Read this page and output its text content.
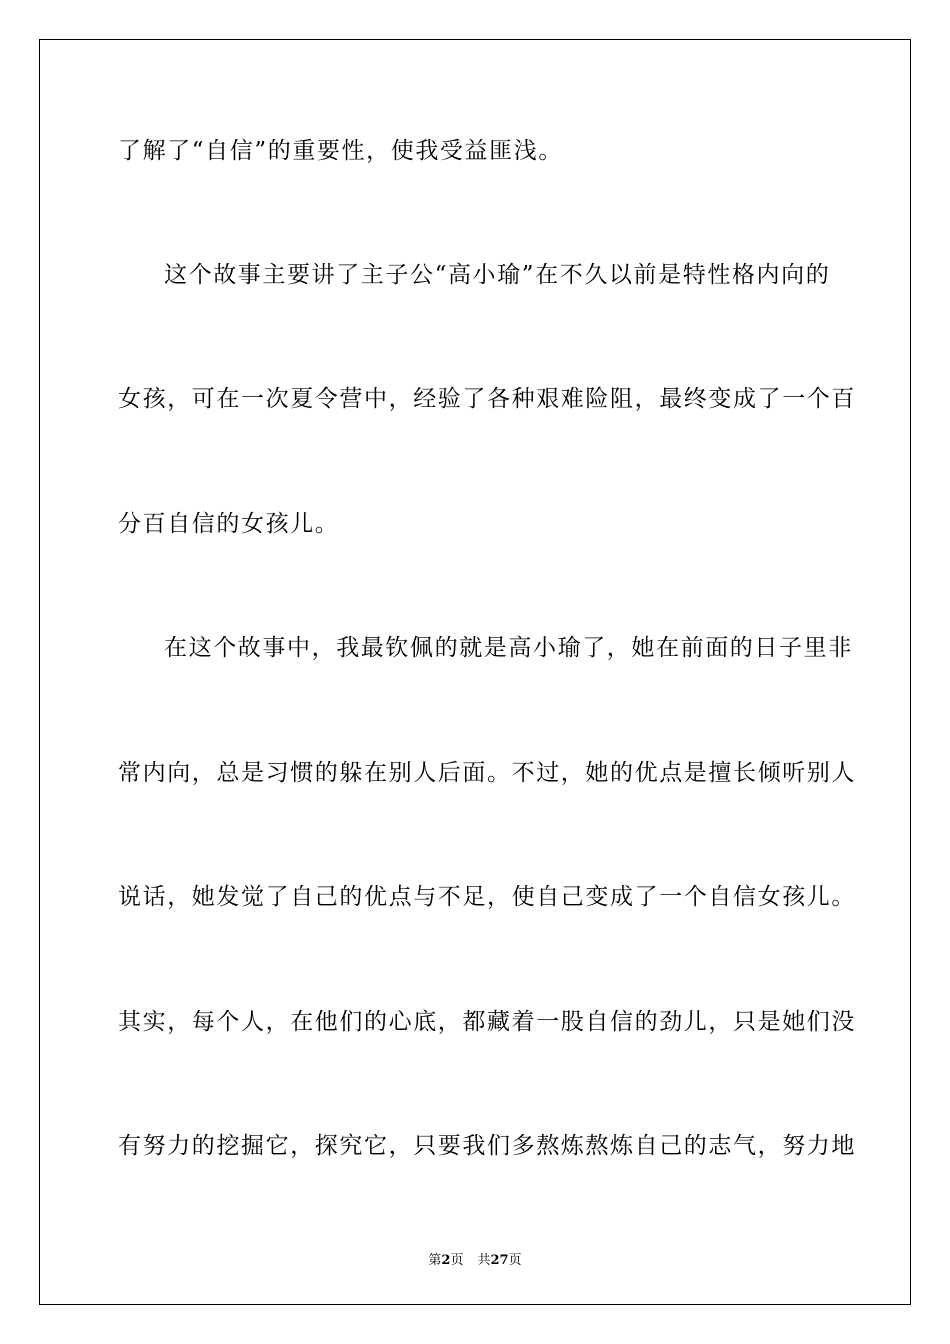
了解了“自信”的重要性，使我受益匪浅。
这个故事主要讲了主子公“高小瑜”在不久以前是特性格内向的
女孩，可在一次夏令营中，经验了各种艰难险阻，最终变成了一个百
分百自信的女孩儿。
在这个故事中，我最钦佩的就是高小瑜了，她在前面的日子里非
常内向，总是习惯的躲在别人后面。不过，她的优点是擅长倾听别人
说话，她发觉了自己的优点与不足，使自己变成了一个自信女孩儿。
其实，每个人，在他们的心底，都藏着一股自信的劲儿，只是她们没
有努力的挖掘它，探究它，只要我们多熬炼熬炼自己的志气，努力地
第2页 共27页
